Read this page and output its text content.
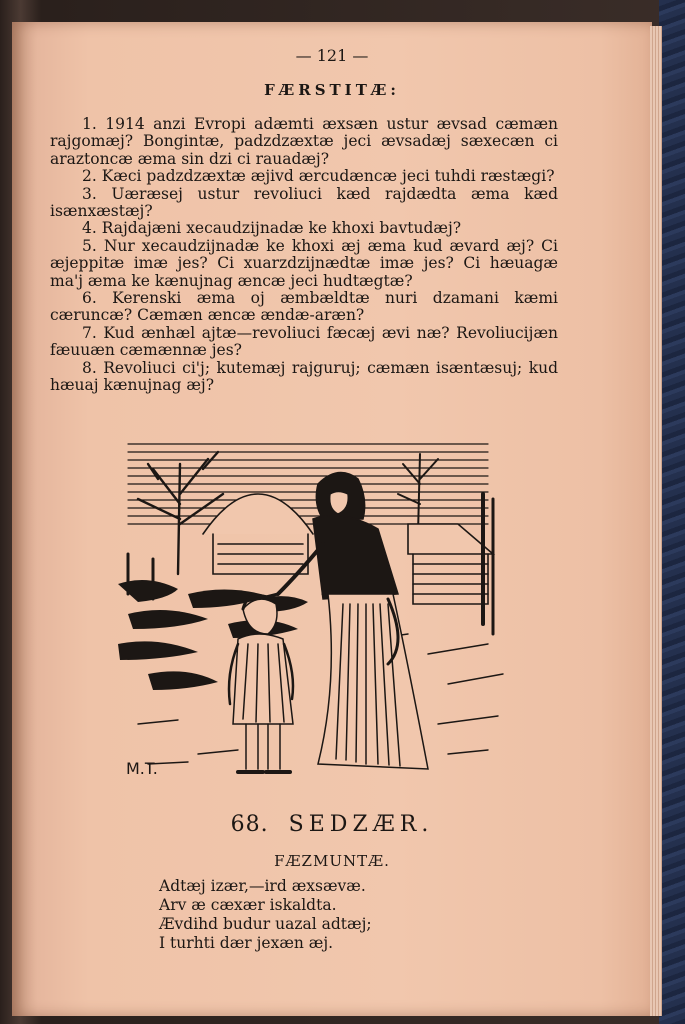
— 121 —
FÆRSTITÆ:

1. 1914 anzi Evropi adæmti æxsæn ustur ævsad cæmæn rajgomæj? Bongintæ, padzdzæxtæ jeci ævsadæj sæxecæn ci araztoncæ æma sin dzi ci rauadæj?

2. Kæci padzdzæxtæ æjivd ærcudæncæ jeci tuhdi ræstægi?

3. Uæræsej ustur revoliuci kæd rajdædta æma kæd isænxæstæj?

4. Rajdajæni xecaudzijnadæ ke khoxi bavtudæj?

5. Nur xecaudzijnadæ ke khoxi æj æma kud ævard æj? Ci æjeppitæ imæ jes? Ci xuarzdzijnædtæ imæ jes? Ci hæuagæ ma'j æma ke kænujnag æncæ jeci hudtægtæ?

6. Kerenski æma oj æmbældtæ nuri dzamani kæmi cæruncæ? Cæmæn æncæ ændæ-aræn?

7. Kud ænhæl ajtæ—revoliuci fæcæj ævi næ? Revoliucijæn fæuuæn cæmænnæ jes?

8. Revoliuci ci'j; kutemæj rajguruj; cæmæn isæntæsuj; kud hæuaj kænujnag æj?

M.T.
68. SEDZÆR.
FÆZMUNTÆ.
Adtæj izær,—ird æxsævæ.
Arv æ cæxær iskaldta.
Ævdihd budur uazal adtæj;
I turhti dær jexæn æj.
